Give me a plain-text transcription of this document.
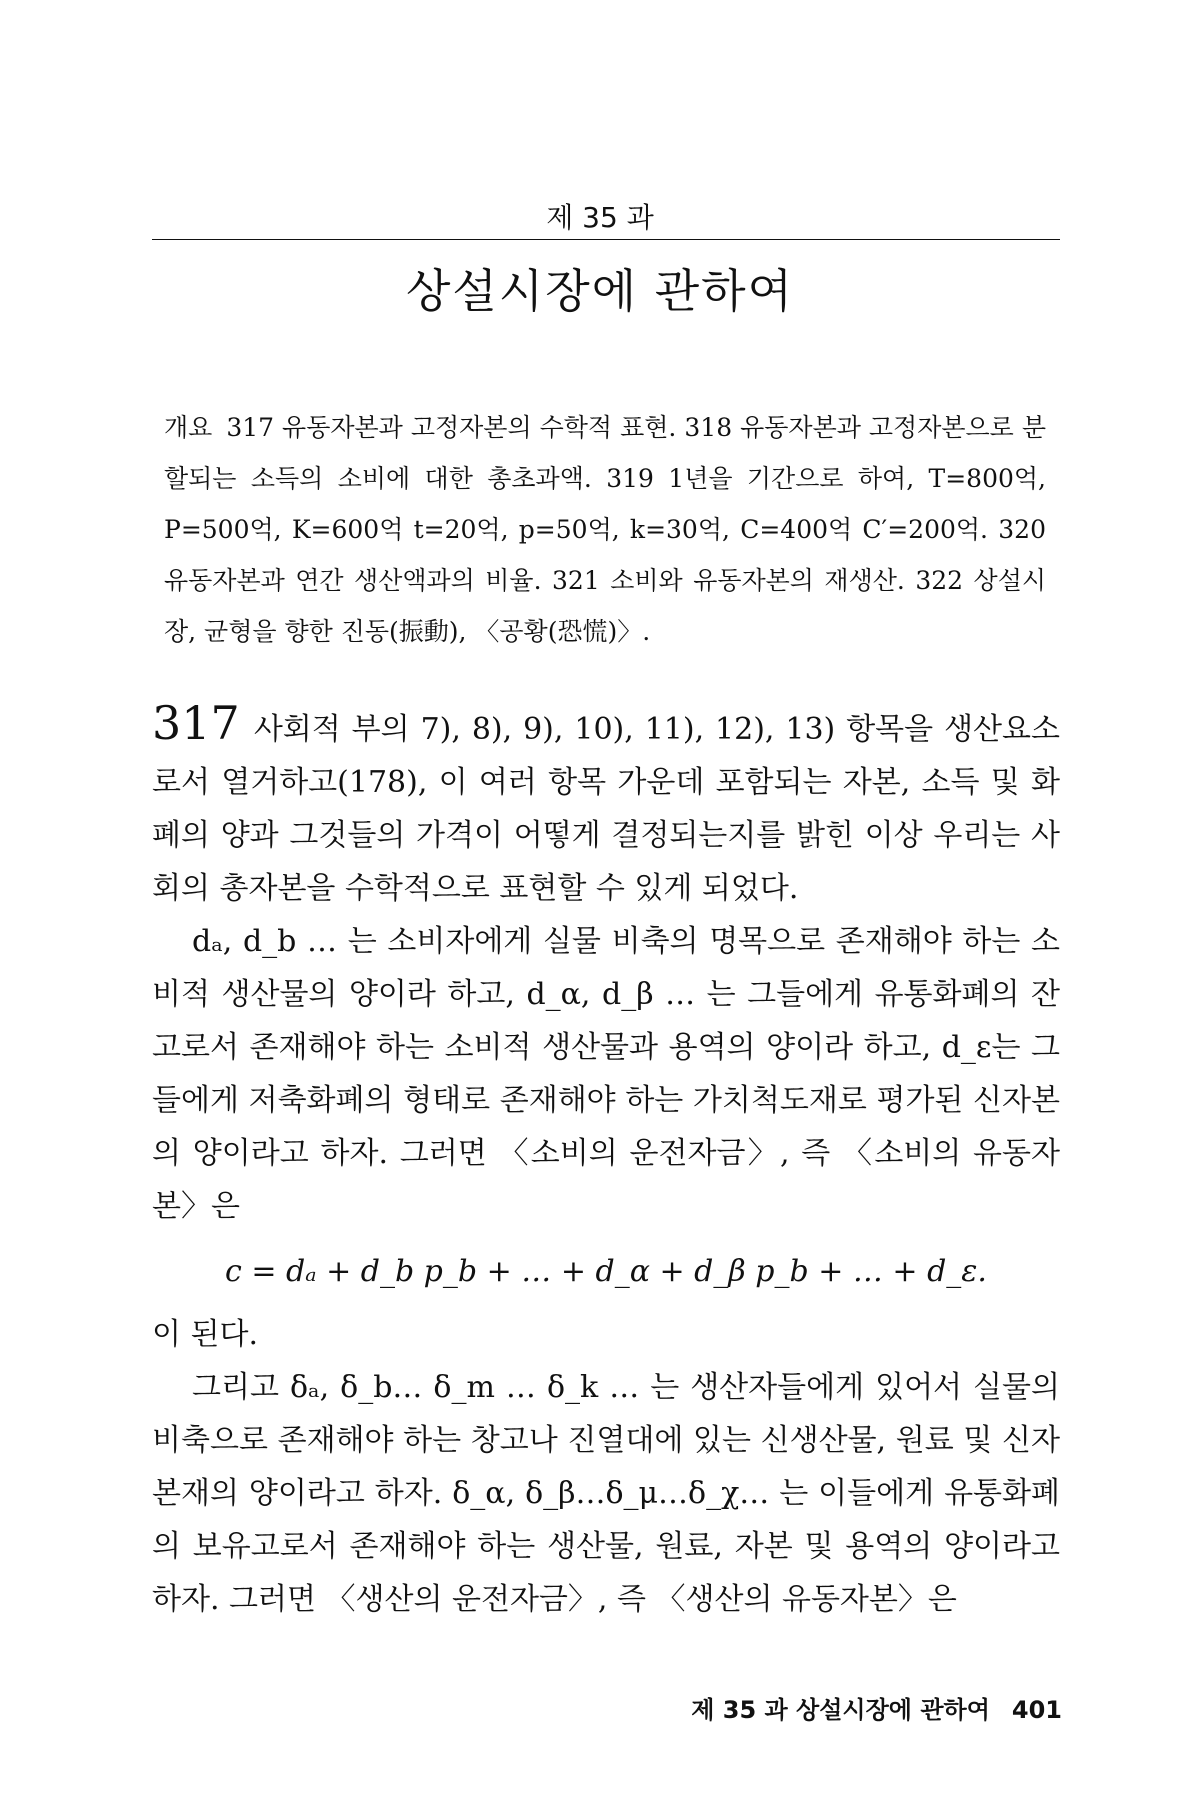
제 35 과
상설시장에 관하여
개요 317 유동자본과 고정자본의 수학적 표현. 318 유동자본과 고정자본으로 분할되는 소득의 소비에 대한 총초과액. 319 1년을 기간으로 하여, T=800억, P=500억, K=600억 t=20억, p=50억, k=30억, C=400억 C′=200억. 320 유동자본과 연간 생산액과의 비율. 321 소비와 유동자본의 재생산. 322 상설시장, 균형을 향한 진동(振動), 〈공황(恐慌)〉.

317 사회적 부의 7), 8), 9), 10), 11), 12), 13) 항목을 생산요소로서 열거하고(178), 이 여러 항목 가운데 포함되는 자본, 소득 및 화폐의 양과 그것들의 가격이 어떻게 결정되는지를 밝힌 이상 우리는 사회의 총자본을 수학적으로 표현할 수 있게 되었다.

dₐ, d_b … 는 소비자에게 실물 비축의 명목으로 존재해야 하는 소비적 생산물의 양이라 하고, d_α, d_β … 는 그들에게 유통화폐의 잔고로서 존재해야 하는 소비적 생산물과 용역의 양이라 하고, d_ε는 그들에게 저축화폐의 형태로 존재해야 하는 가치척도재로 평가된 신자본의 양이라고 하자. 그러면 〈소비의 운전자금〉, 즉 〈소비의 유동자본〉은

c = dₐ + d_b p_b + … + d_α + d_β p_b + … + d_ε.

이 된다.

그리고 δₐ, δ_b… δ_m … δ_k … 는 생산자들에게 있어서 실물의 비축으로 존재해야 하는 창고나 진열대에 있는 신생산물, 원료 및 신자본재의 양이라고 하자. δ_α, δ_β…δ_μ…δ_χ… 는 이들에게 유통화폐의 보유고로서 존재해야 하는 생산물, 원료, 자본 및 용역의 양이라고 하자. 그러면 〈생산의 운전자금〉, 즉 〈생산의 유동자본〉은

제 35 과 상설시장에 관하여 401
